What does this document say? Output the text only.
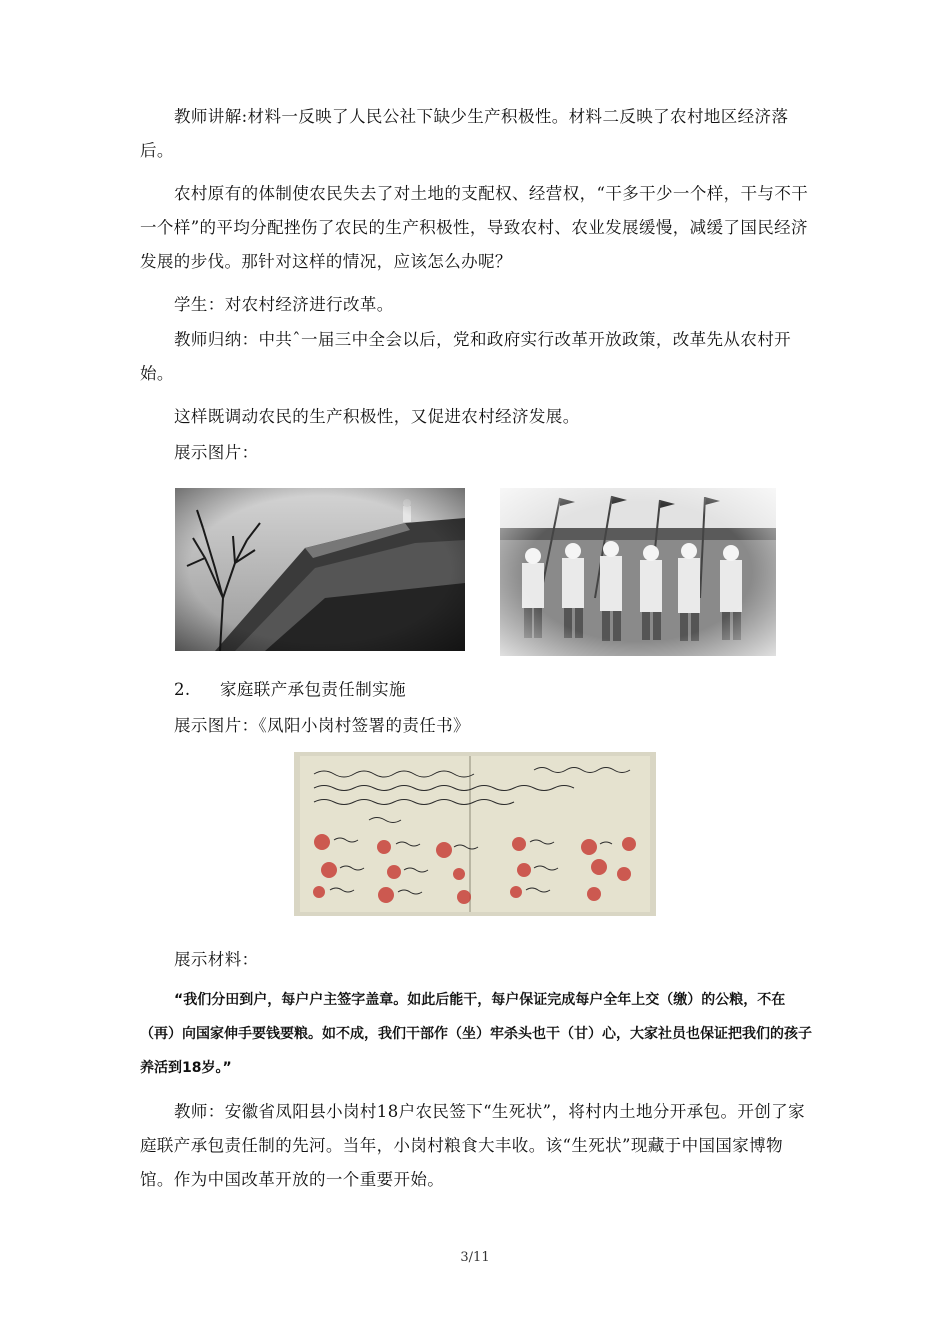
教师讲解:材料一反映了人民公社下缺少生产积极性。材料二反映了农村地区经济落后。

农村原有的体制使农民失去了对土地的支配权、经营权，“干多干少一个样，干与不干一个样”的平均分配挫伤了农民的生产积极性，导致农村、农业发展缓慢，减缓了国民经济发展的步伐。那针对这样的情况，应该怎么办呢？

学生：对农村经济进行改革。

教师归纳：中共ˆ一届三中全会以后，党和政府实行改革开放政策，改革先从农村开始。

这样既调动农民的生产积极性，又促进农村经济发展。

展示图片：

2. 家庭联产承包责任制实施

展示图片：《凤阳小岗村签署的责任书》

展示材料：

“我们分田到户，每户户主签字盖章。如此后能干，每户保证完成每户全年上交（缴）的公粮，不在（再）向国家伸手要钱要粮。如不成，我们干部作（坐）牢杀头也干（甘）心，大家社员也保证把我们的孩子养活到18岁。”

教师：安徽省凤阳县小岗村18户农民签下“生死状”，将村内土地分开承包。开创了家庭联产承包责任制的先河。当年，小岗村粮食大丰收。该“生死状”现藏于中国国家博物馆。作为中国改革开放的一个重要开始。

3/11
